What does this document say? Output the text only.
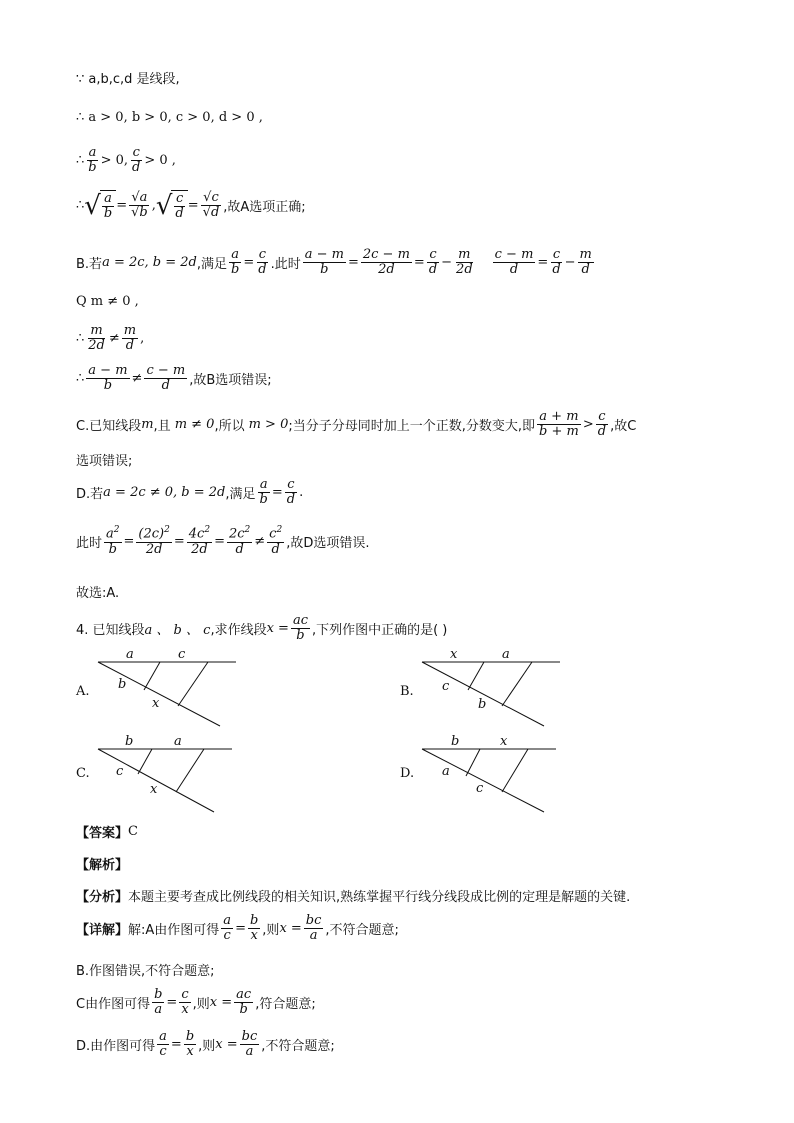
∵ a,b,c,d 是线段,
∴ a > 0, b > 0, c > 0, d > 0 ,
∴ $\frac{a}{b} > 0$, $\frac{c}{d} > 0$ ,
∴ √ $\frac{a}{b} = \frac{√a}{√b}$ , √ $\frac{c}{d} = \frac{√c}{√d}$ ,故A选项正确;
B.若 a = 2c, b = 2d ,满足 $\frac{a}{b} = \frac{c}{d}$ .此时 $\frac{a - m}{b} = \frac{2c - m}{2d} = \frac{c}{d} - \frac{m}{2d} \frac{c - m}{d} = \frac{c}{d} - \frac{m}{d}$
Q m ≠ 0 ,
∴ $\frac{m}{2d} \ne \frac{m}{d}$ ,
∴ $\frac{a - m}{b} \ne \frac{c - m}{d}$ ,故B选项错误;
C.已知线段 m ,且 m ≠ 0 ,所以 m > 0 ;当分子分母同时加上一个正数,分数变大,即 $\frac{a + m}{b + m} > \frac{c}{d}$ ,故C
选项错误;
D.若 a = 2c ≠ 0, b = 2d ,满足 $\frac{a}{b} = \frac{c}{d}$ .
此时 $\frac{a^2}{b} = \frac{(2c)^2}{2d} = \frac{4c^2}{2d} = \frac{2c^2}{d} \ne \frac{c^2}{d}$ ,故D选项错误.
故选:A.
4. 已知线段 a 、 b 、 c ,求作线段 $x = \frac{ac}{b}$ ,下列作图中正确的是( )
A.
a	c
b
x
B.
x	a
c
b
C.
b	a
c
x
D.
b	x
a
c
【答案】 C
【解析】
【分析】 本题主要考查成比例线段的相关知识,熟练掌握平行线分线段成比例的定理是解题的关键.
【详解】 解:A由作图可得 $\frac{a}{c} = \frac{b}{x}$ ,则 $x = \frac{bc}{a}$ ,不符合题意;
B.作图错误,不符合题意;
C由作图可得 $\frac{b}{a} = \frac{c}{x}$ ,则 $x = \frac{ac}{b}$ ,符合题意;
D.由作图可得 $\frac{a}{c} = \frac{b}{x}$ ,则 $x = \frac{bc}{a}$ ,不符合题意;
